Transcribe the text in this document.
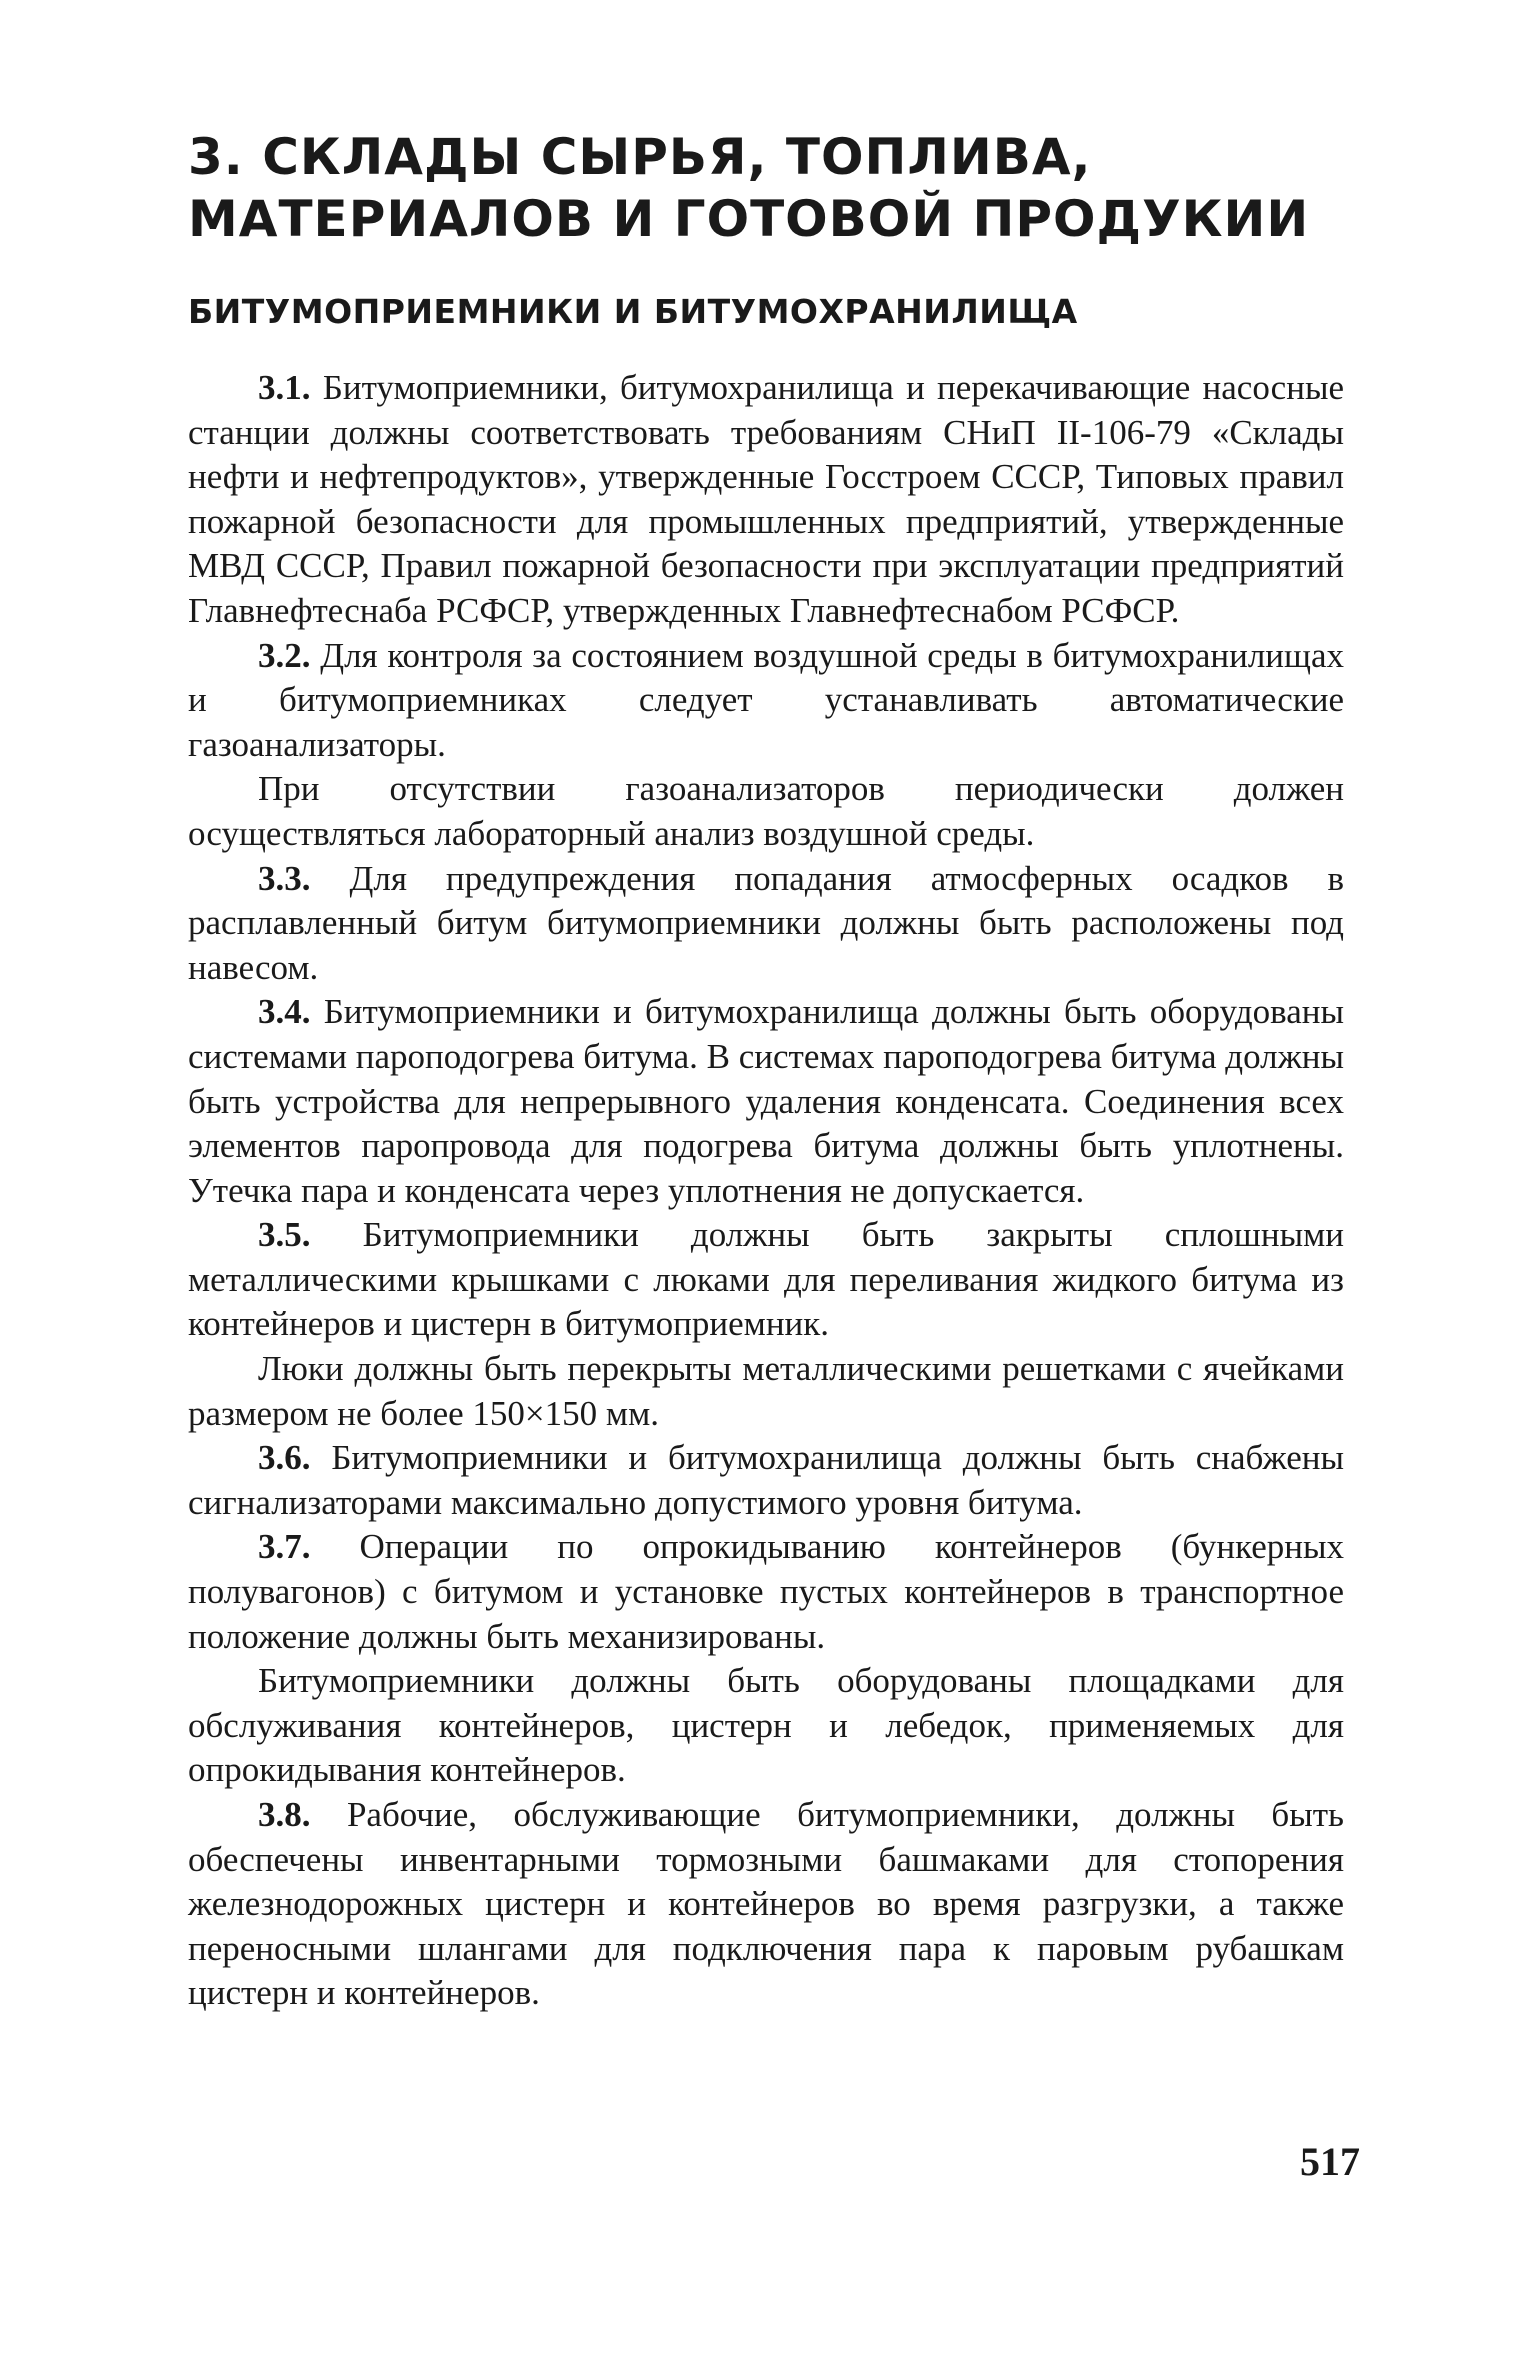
3. СКЛАДЫ СЫРЬЯ, ТОПЛИВА,
МАТЕРИАЛОВ И ГОТОВОЙ ПРОДУКИИ
БИТУМОПРИЕМНИКИ И БИТУМОХРАНИЛИЩА

3.1. Битумоприемники, битумохранилища и перекачивающие насосные станции должны соответствовать требованиям СНиП II-106-79 «Склады нефти и нефтепродуктов», утвержденные Госстроем СССР, Типовых правил пожарной безопасности для промышленных предприятий, утвержденные МВД СССР, Правил пожарной безопасности при эксплуатации предприятий Главнефтеснаба РСФСР, утвержденных Главнефтеснабом РСФСР.

3.2. Для контроля за состоянием воздушной среды в битумохранилищах и битумоприемниках следует устанавливать автоматические газоанализаторы.

При отсутствии газоанализаторов периодически должен осуществляться лабораторный анализ воздушной среды.

3.3. Для предупреждения попадания атмосферных осадков в расплавленный битум битумоприемники должны быть расположены под навесом.

3.4. Битумоприемники и битумохранилища должны быть оборудованы системами пароподогрева битума. В системах пароподогрева битума должны быть устройства для непрерывного удаления конденсата. Соединения всех элементов паропровода для подогрева битума должны быть уплотнены. Утечка пара и конденсата через уплотнения не допускается.

3.5. Битумоприемники должны быть закрыты сплошными металлическими крышками с люками для переливания жидкого битума из контейнеров и цистерн в битумоприемник.

Люки должны быть перекрыты металлическими решетками с ячейками размером не более 150×150 мм.

3.6. Битумоприемники и битумохранилища должны быть снабжены сигнализаторами максимально допустимого уровня битума.

3.7. Операции по опрокидыванию контейнеров (бункерных полувагонов) с битумом и установке пустых контейнеров в транспортное положение должны быть механизированы.

Битумоприемники должны быть оборудованы площадками для обслуживания контейнеров, цистерн и лебедок, применяемых для опрокидывания контейнеров.

3.8. Рабочие, обслуживающие битумоприемники, должны быть обеспечены инвентарными тормозными башмаками для стопорения железнодорожных цистерн и контейнеров во время разгрузки, а также переносными шлангами для подключения пара к паровым рубашкам цистерн и контейнеров.

517
